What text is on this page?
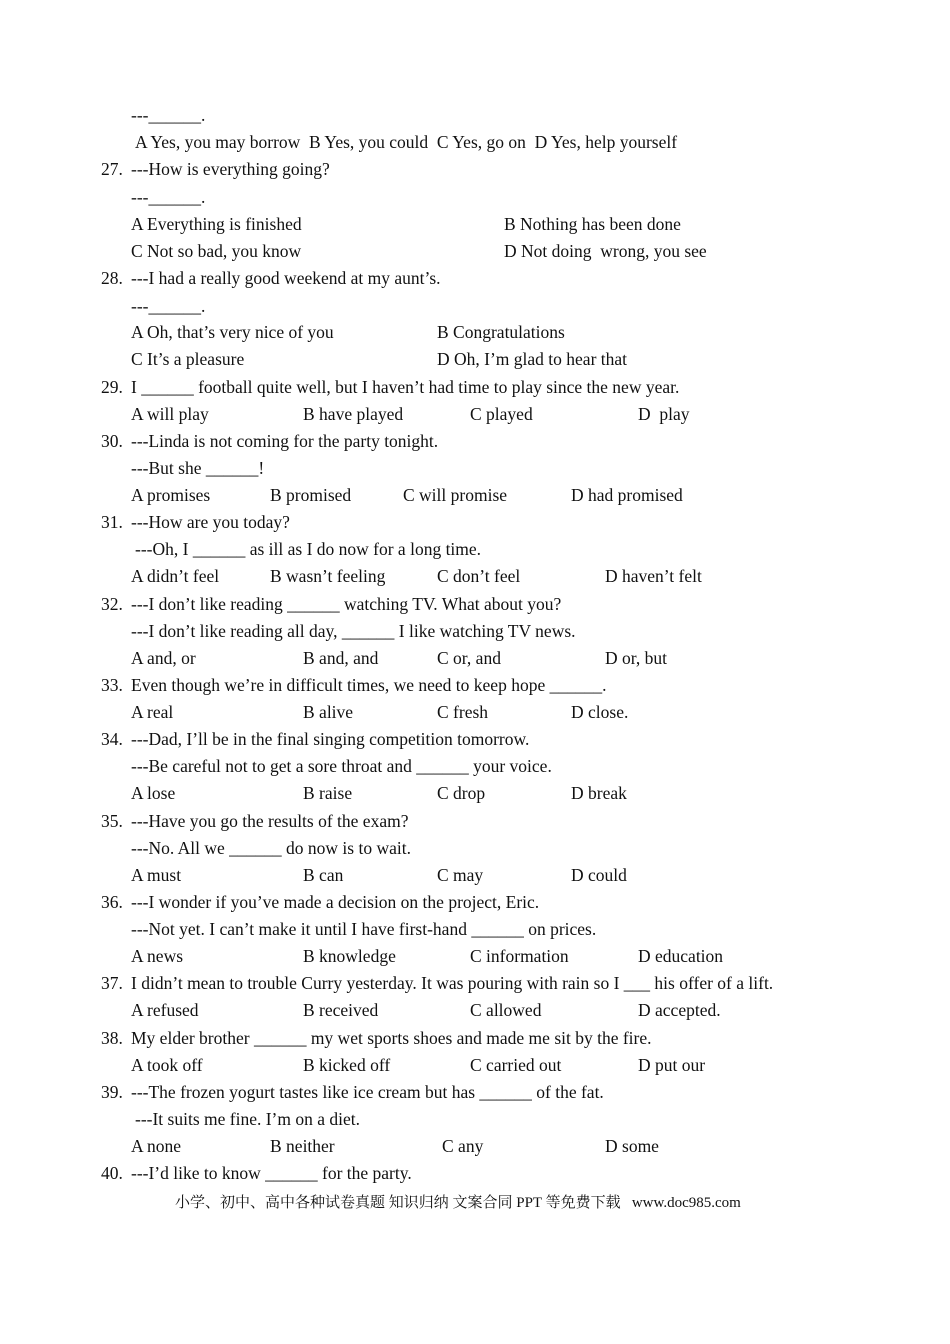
---______.
A Yes, you may borrow  B Yes, you could  C Yes, go on  D Yes, help yourself
27. ---How is everything going?
---______.
A Everything is finished	B Nothing has been done
C Not so bad, you know	D Not doing  wrong, you see
28. ---I had a really good weekend at my aunt’s.
---______.
A Oh, that’s very nice of you	B Congratulations
C It’s a pleasure	D Oh, I’m glad to hear that
29. I ______ football quite well, but I haven’t had time to play since the new year.
A will play	B have played	C played	D  play
30. ---Linda is not coming for the party tonight.
---But she ______!
A promises	B promised	C will promise	D had promised
31. ---How are you today?
---Oh, I ______ as ill as I do now for a long time.
A didn’t feel	B wasn’t feeling	C don’t feel	D haven’t felt
32. ---I don’t like reading ______ watching TV. What about you?
---I don’t like reading all day, ______ I like watching TV news.
A and, or	B and, and	C or, and	D or, but
33. Even though we’re in difficult times, we need to keep hope ______.
A real	B alive	C fresh	D close.
34. ---Dad, I’ll be in the final singing competition tomorrow.
---Be careful not to get a sore throat and ______ your voice.
A lose	B raise	C drop	D break
35. ---Have you go the results of the exam?
---No. All we ______ do now is to wait.
A must	B can	C may	D could
36. ---I wonder if you’ve made a decision on the project, Eric.
---Not yet. I can’t make it until I have first-hand ______ on prices.
A news	B knowledge	C information	D education
37. I didn’t mean to trouble Curry yesterday. It was pouring with rain so I ___ his offer of a lift.
A refused	B received	C allowed	D accepted.
38. My elder brother ______ my wet sports shoes and made me sit by the fire.
A took off	B kicked off	C carried out	D put our
39. ---The frozen yogurt tastes like ice cream but has ______ of the fat.
---It suits me fine. I’m on a diet.
A none	B neither	C any	D some
40. ---I’d like to know ______ for the party.
小学、初中、高中各种试卷真题 知识归纳 文案合同 PPT 等免费下载   www.doc985.com
